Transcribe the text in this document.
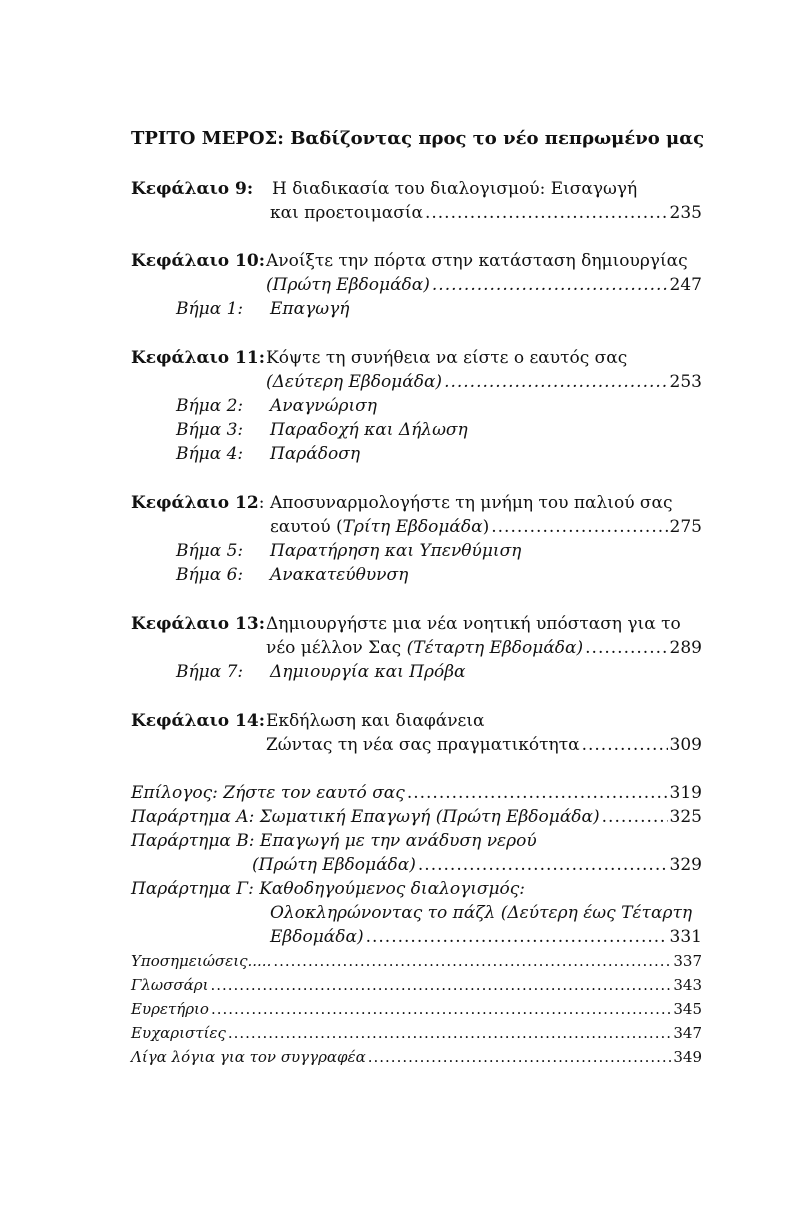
ΤΡΙΤΟ ΜΕΡΟΣ: Βαδίζοντας προς το νέο πεπρωμένο μας
Κεφάλαιο 9: Η διαδικασία του διαλογισμού: Εισαγωγή
και προετοιμασία .....	235
Κεφάλαιο 10: Ανοίξτε την πόρτα στην κατάσταση δημιουργίας
(Πρώτη Εβδομάδα) .....	247
Βήμα 1: Επαγωγή
Κεφάλαιο 11: Κόψτε τη συνήθεια να είστε ο εαυτός σας
(Δεύτερη Εβδομάδα) .....	253
Βήμα 2: Αναγνώριση
Βήμα 3: Παραδοχή και Δήλωση
Βήμα 4: Παράδοση
Κεφάλαιο 12: Αποσυναρμολογήστε τη μνήμη του παλιού σας
εαυτού (Τρίτη Εβδομάδα) .....	275
Βήμα 5: Παρατήρηση και Υπενθύμιση
Βήμα 6: Ανακατεύθυνση
Κεφάλαιο 13: Δημιουργήστε μια νέα νοητική υπόσταση για το
νέο μέλλον Σας (Τέταρτη Εβδομάδα) .....	289
Βήμα 7: Δημιουργία και Πρόβα
Κεφάλαιο 14: Εκδήλωση και διαφάνεια
Ζώντας τη νέα σας πραγματικότητα .....	309
Επίλογος: Ζήστε τον εαυτό σας .....	319
Παράρτημα Α: Σωματική Επαγωγή (Πρώτη Εβδομάδα) .....	325
Παράρτημα Β: Επαγωγή με την ανάδυση νερού
(Πρώτη Εβδομάδα) .....	329
Παράρτημα Γ: Καθοδηγούμενος διαλογισμός:
Ολοκληρώνοντας το πάζλ (Δεύτερη έως Τέταρτη
Εβδομάδα) .....	331
Υποσημειώσεις..... .....	337
Γλωσσάρι .....	343
Ευρετήριο .....	345
Ευχαριστίες .....	347
Λίγα λόγια για τον συγγραφέα .....	349
